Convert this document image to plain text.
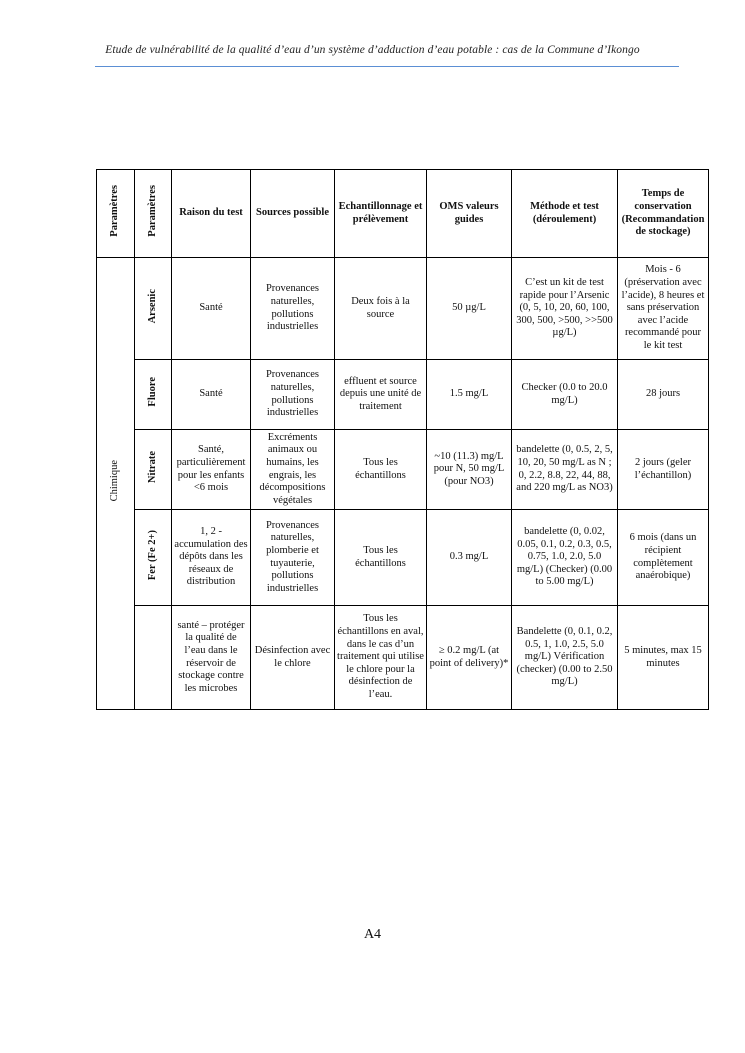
Etude de vulnérabilité de la qualité d’eau d’un système d’adduction d’eau potable : cas de la Commune d’Ikongo
Paramètres	Paramètres	Raison du test	Sources possible	Echantillonnage et prélèvement	OMS valeurs guides	Méthode et test (déroulement)	Temps de conservation (Recommandation de stockage)
Chimique	Arsenic	Santé	Provenances naturelles, pollutions industrielles	Deux fois à la source	50 µg/L	C’est un kit de test rapide pour l’Arsenic (0, 5, 10, 20, 60, 100, 300, 500, >500, >>500 µg/L)	Mois - 6 (préservation avec l’acide), 8 heures et sans préservation avec l’acide recommandé pour le kit test
	Fluore	Santé	Provenances naturelles, pollutions industrielles	effluent et source depuis une unité de traitement	1.5 mg/L	Checker (0.0 to 20.0 mg/L)	28 jours
	Nitrate	Santé, particulièrement pour les enfants <6 mois	Excréments animaux ou humains, les engrais, les décompositions végétales	Tous les échantillons	~10 (11.3) mg/L pour N, 50 mg/L (pour NO3)	bandelette (0, 0.5, 2, 5, 10, 20, 50 mg/L as N ; 0, 2.2, 8.8, 22, 44, 88, and 220 mg/L as NO3)	2 jours (geler l’échantillon)
	Fer (Fe 2+)	1, 2 - accumulation des dépôts dans les réseaux de distribution	Provenances naturelles, plomberie et tuyauterie, pollutions industrielles	Tous les échantillons	0.3 mg/L	bandelette (0, 0.02, 0.05, 0.1, 0.2, 0.3, 0.5, 0.75, 1.0, 2.0, 5.0 mg/L) (Checker) (0.00 to 5.00 mg/L)	6 mois (dans un récipient complètement anaérobique)
		santé – protéger la qualité de l’eau dans le réservoir de stockage contre les microbes	Désinfection avec le chlore	Tous les échantillons en aval, dans le cas d’un traitement qui utilise le chlore pour la désinfection de l’eau.	≥ 0.2 mg/L (at point of delivery)*	Bandelette (0, 0.1, 0.2, 0.5, 1, 1.0, 2.5, 5.0 mg/L) Vérification (checker) (0.00 to 2.50 mg/L)	5 minutes, max 15 minutes
A4
